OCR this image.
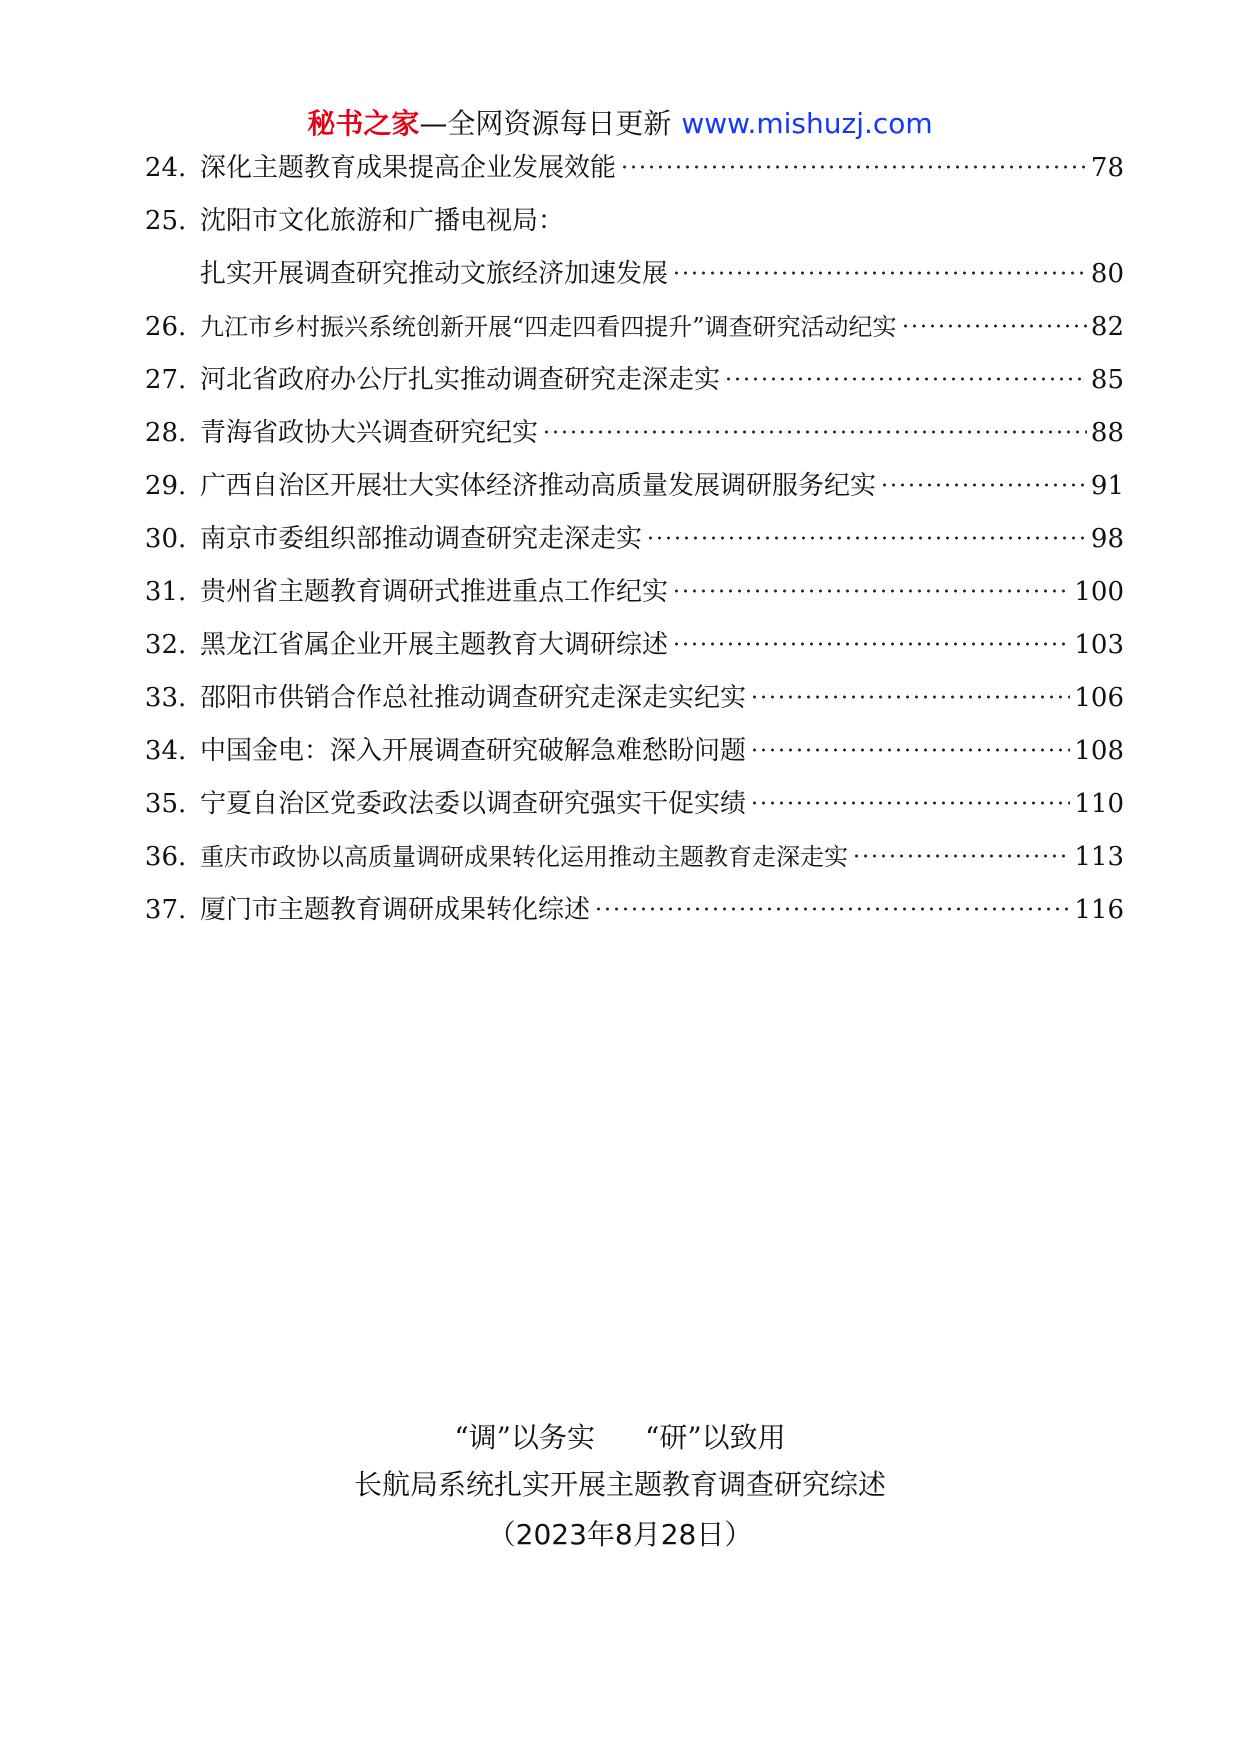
秘书之家—全网资源每日更新 www.mishuzj.com
24 . 深化主题教育成果提高企业发展效能	78
25 . 沈阳市文化旅游和广播电视局：
扎实开展调查研究推动文旅经济加速发展	80
26 . 九江市乡村振兴系统创新开展“四走四看四提升”调查研究活动纪实	82
27 . 河北省政府办公厅扎实推动调查研究走深走实	85
28 . 青海省政协大兴调查研究纪实	88
29 . 广西自治区开展壮大实体经济推动高质量发展调研服务纪实	91
30 . 南京市委组织部推动调查研究走深走实	98
31 . 贵州省主题教育调研式推进重点工作纪实	100
32 . 黑龙江省属企业开展主题教育大调研综述	103
33 . 邵阳市供销合作总社推动调查研究走深走实纪实	106
34 . 中国金电：深入开展调查研究破解急难愁盼问题	108
35 . 宁夏自治区党委政法委以调查研究强实干促实绩	110
36 . 重庆市政协以高质量调研成果转化运用推动主题教育走深走实	113
37 . 厦门市主题教育调研成果转化综述	116
“调”以务实 “研”以致用
长航局系统扎实开展主题教育调查研究综述
（2023年8月28日）
